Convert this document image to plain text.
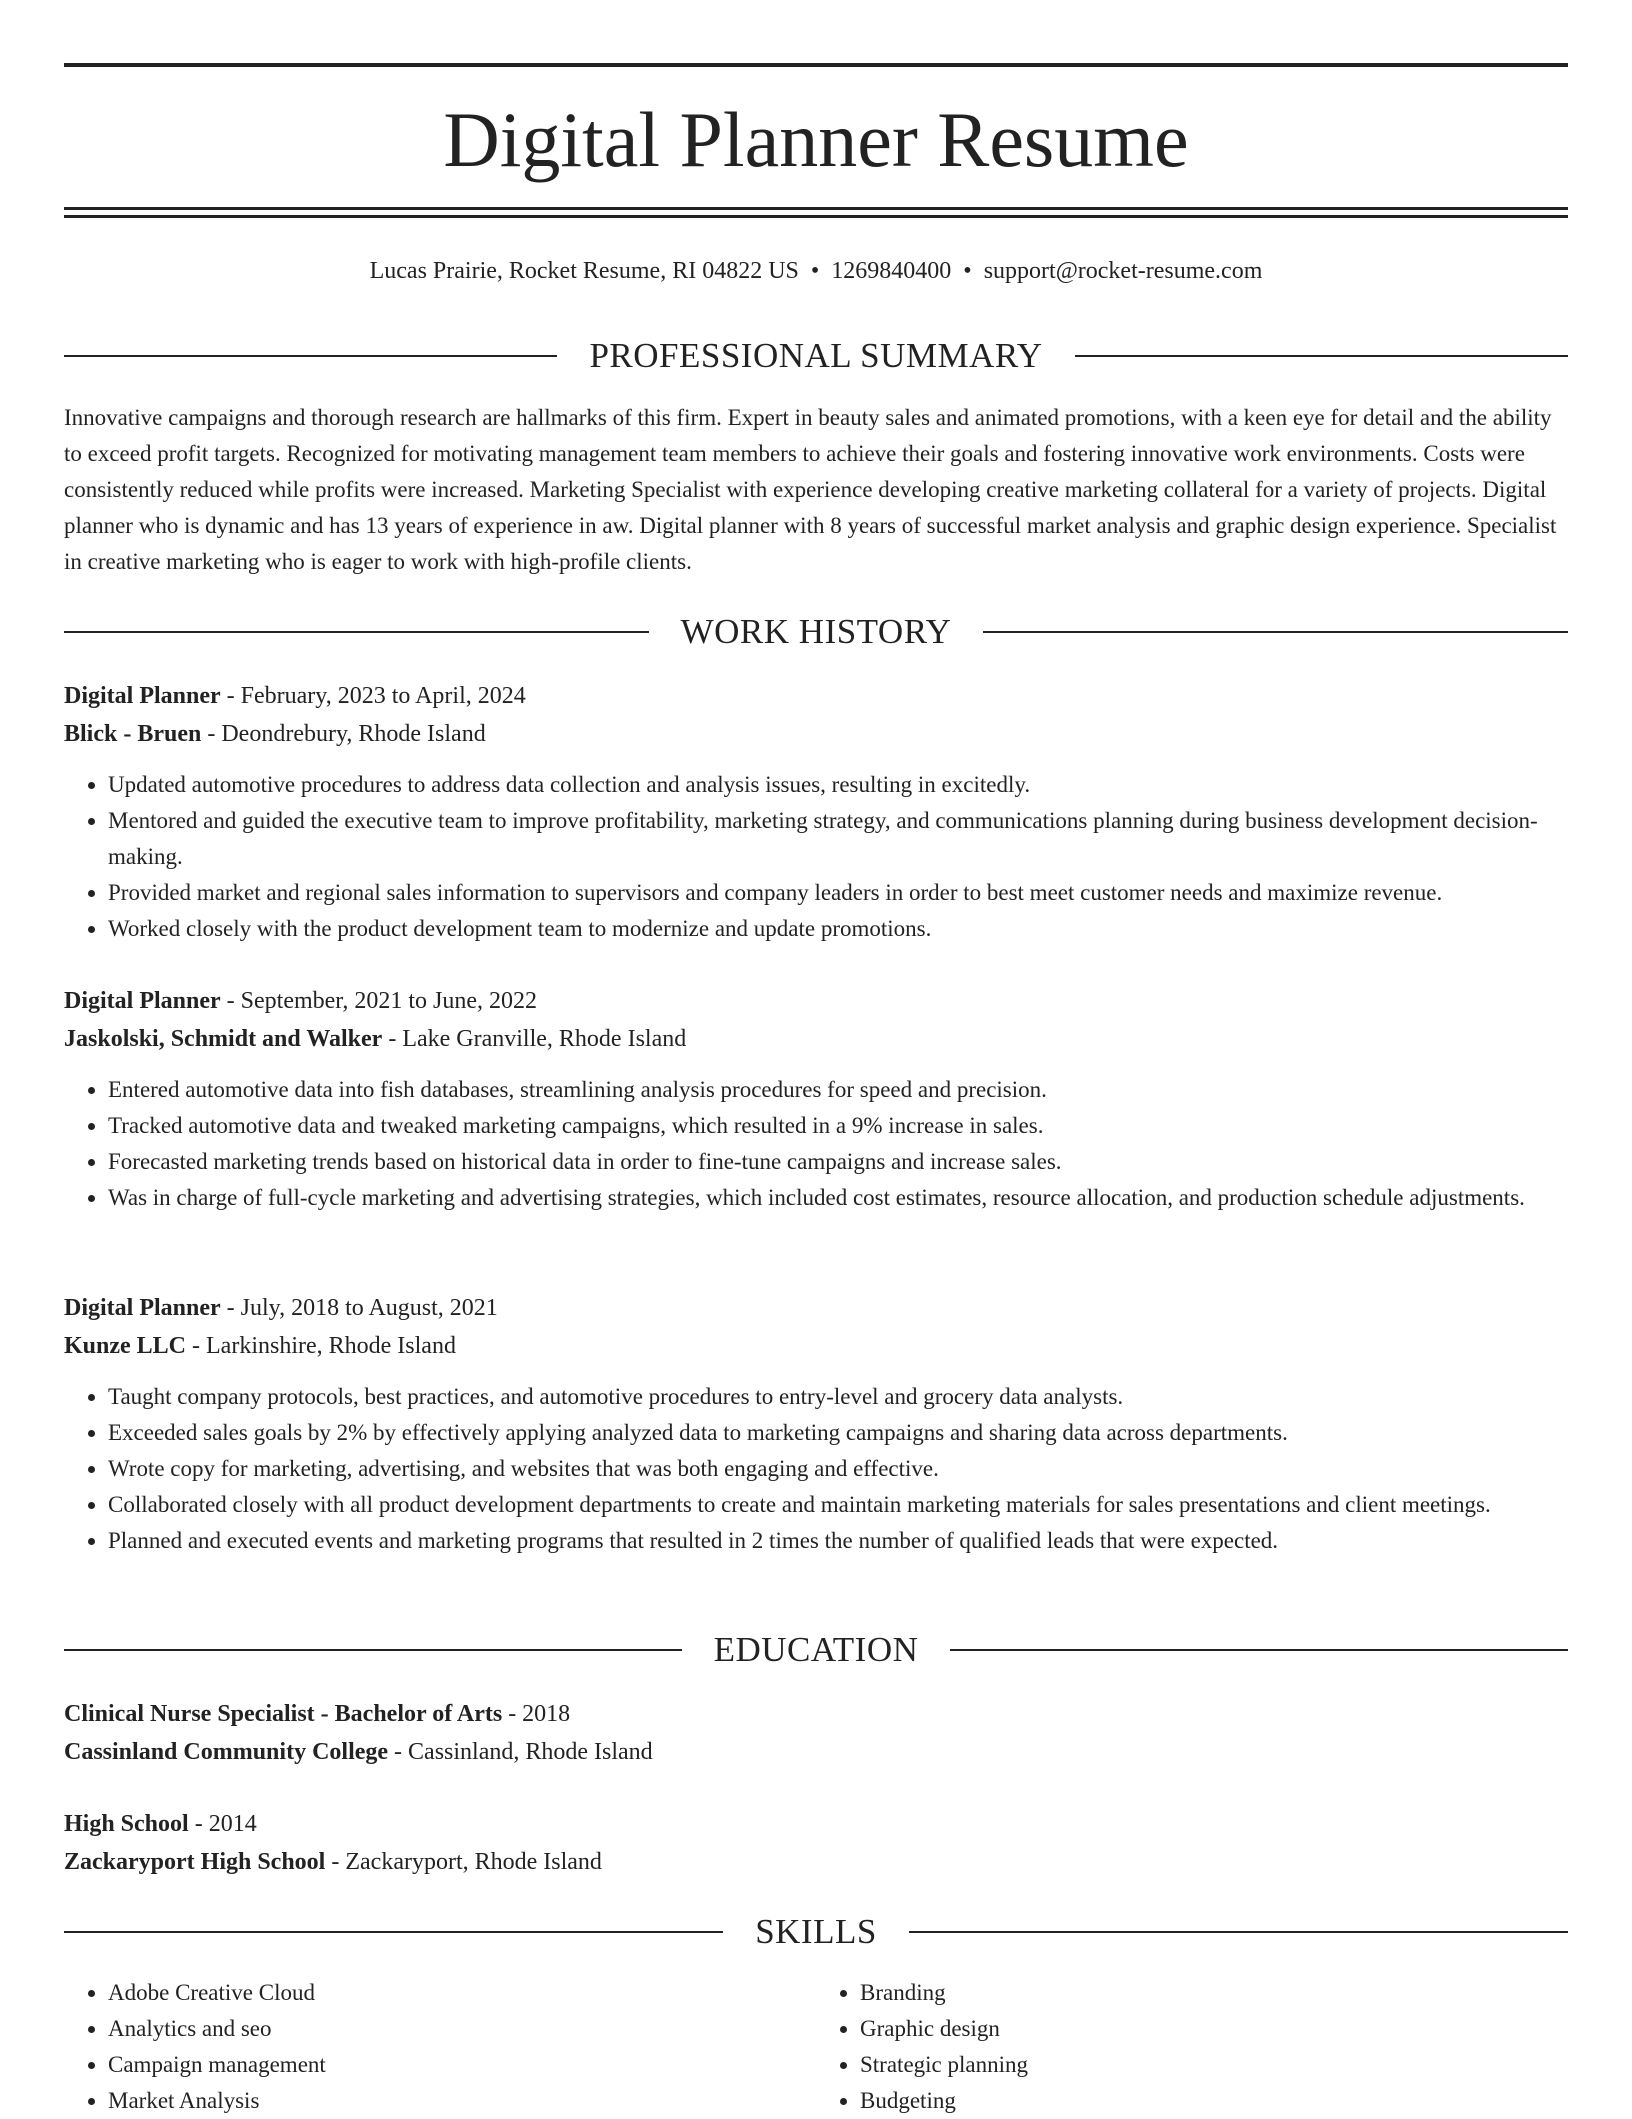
Digital Planner Resume
Lucas Prairie, Rocket Resume, RI 04822 US • 1269840400 • support@rocket-resume.com
PROFESSIONAL SUMMARY

Innovative campaigns and thorough research are hallmarks of this firm. Expert in beauty sales and animated promotions, with a keen eye for detail and the ability to exceed profit targets. Recognized for motivating management team members to achieve their goals and fostering innovative work environments. Costs were consistently reduced while profits were increased. Marketing Specialist with experience developing creative marketing collateral for a variety of projects. Digital planner who is dynamic and has 13 years of experience in aw. Digital planner with 8 years of successful market analysis and graphic design experience. Specialist in creative marketing who is eager to work with high-profile clients.

WORK HISTORY
Digital Planner - February, 2023 to April, 2024
Blick - Bruen - Deondrebury, Rhode Island
• Updated automotive procedures to address data collection and analysis issues, resulting in excitedly.
• Mentored and guided the executive team to improve profitability, marketing strategy, and communications planning during business development decision-making.
• Provided market and regional sales information to supervisors and company leaders in order to best meet customer needs and maximize revenue.
• Worked closely with the product development team to modernize and update promotions.
Digital Planner - September, 2021 to June, 2022
Jaskolski, Schmidt and Walker - Lake Granville, Rhode Island
• Entered automotive data into fish databases, streamlining analysis procedures for speed and precision.
• Tracked automotive data and tweaked marketing campaigns, which resulted in a 9% increase in sales.
• Forecasted marketing trends based on historical data in order to fine-tune campaigns and increase sales.
• Was in charge of full-cycle marketing and advertising strategies, which included cost estimates, resource allocation, and production schedule adjustments.
Digital Planner - July, 2018 to August, 2021
Kunze LLC - Larkinshire, Rhode Island
• Taught company protocols, best practices, and automotive procedures to entry-level and grocery data analysts.
• Exceeded sales goals by 2% by effectively applying analyzed data to marketing campaigns and sharing data across departments.
• Wrote copy for marketing, advertising, and websites that was both engaging and effective.
• Collaborated closely with all product development departments to create and maintain marketing materials for sales presentations and client meetings.
• Planned and executed events and marketing programs that resulted in 2 times the number of qualified leads that were expected.
EDUCATION
Clinical Nurse Specialist - Bachelor of Arts - 2018
Cassinland Community College - Cassinland, Rhode Island
High School - 2014
Zackaryport High School - Zackaryport, Rhode Island
SKILLS
• Adobe Creative Cloud
• Analytics and seo
• Campaign management
• Market Analysis
• Branding
• Graphic design
• Strategic planning
• Budgeting
